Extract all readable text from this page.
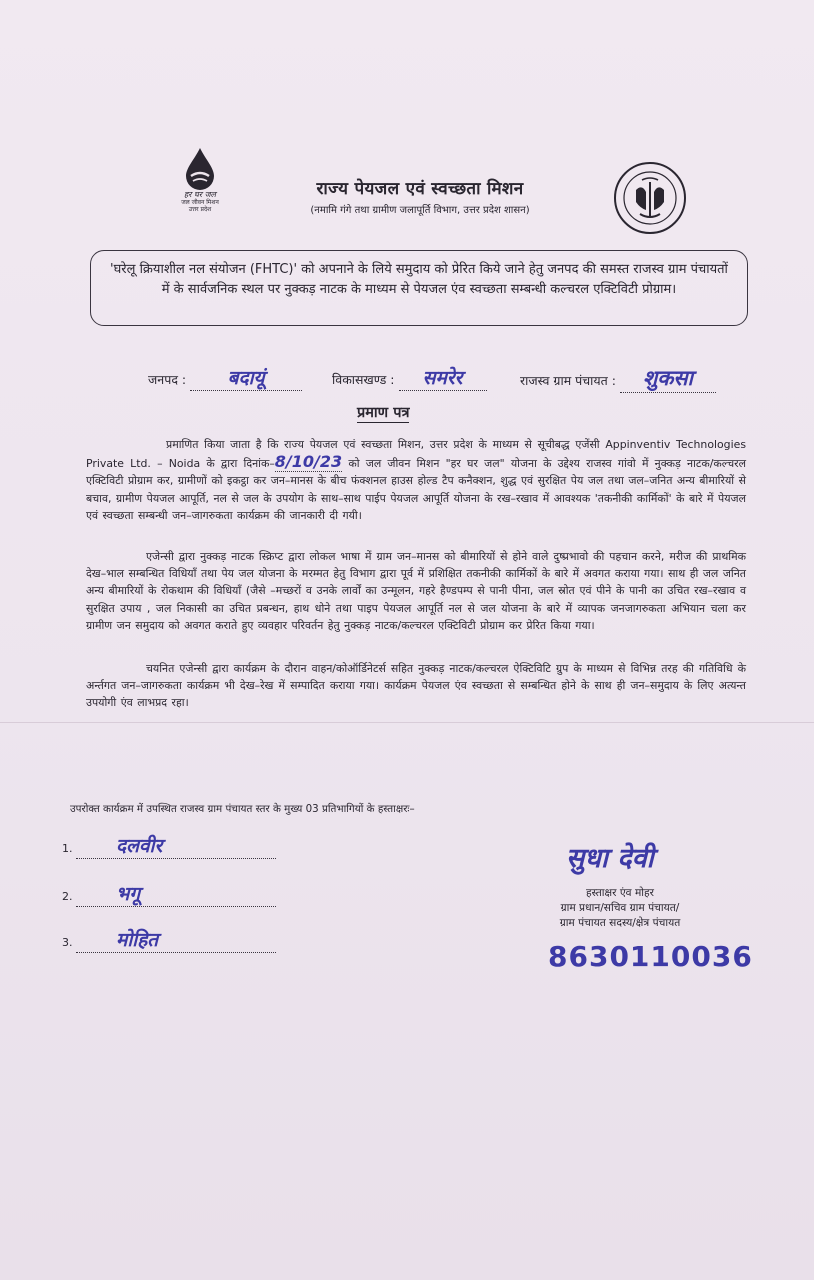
हर घर जल
जल जीवन मिशन
उत्तर प्रदेश
राज्य पेयजल एवं स्वच्छता मिशन
(नमामि गंगे तथा ग्रामीण जलापूर्ति विभाग, उत्तर प्रदेश शासन)
'घरेलू क्रियाशील नल संयोजन (FHTC)' को अपनाने के लिये समुदाय को प्रेरित किये जाने हेतु जनपद की समस्त राजस्व ग्राम पंचायतों में के सार्वजनिक स्थल पर नुक्कड़ नाटक के माध्यम से पेयजल एंव स्वच्छता सम्बन्धी कल्चरल एक्टिविटी प्रोग्राम।
जनपद : बदायूं	विकासखण्ड : समरेर	राजस्व ग्राम पंचायत : शुकसा
प्रमाण पत्र
प्रमाणित किया जाता है कि राज्य पेयजल एवं स्वच्छता मिशन, उत्तर प्रदेश के माध्यम से सूचीबद्ध एजेंसी Appinventiv Technologies Private Ltd. – Noida के द्वारा दिनांक–8/10/23 को जल जीवन मिशन "हर घर जल" योजना के उद्देश्य राजस्व गांवो में नुक्कड़ नाटक/कल्चरल एक्टिविटी प्रोग्राम कर, ग्रामीणों को इकट्ठा कर जन–मानस के बीच फंक्शनल हाउस होल्ड टैप कनैक्शन, शुद्ध एवं सुरक्षित पेय जल तथा जल–जनित अन्य बीमारियों से बचाव, ग्रामीण पेयजल आपूर्ति, नल से जल के उपयोग के साथ–साथ पाईप पेयजल आपूर्ति योजना के रख–रखाव में आवश्यक 'तकनीकी कार्मिकों' के बारे में पेयजल एवं स्वच्छता सम्बन्धी जन–जागरुकता कार्यक्रम की जानकारी दी गयी।
एजेन्सी द्वारा नुक्कड़ नाटक स्क्रिप्ट द्वारा लोकल भाषा में ग्राम जन–मानस को बीमारियों से होने वाले दुष्प्रभावो की पहचान करने, मरीज की प्राथमिक देख–भाल सम्बन्धित विधियाँ तथा पेय जल योजना के मरम्मत हेतु विभाग द्वारा पूर्व में प्रशिक्षित तकनीकी कार्मिकों के बारे में अवगत कराया गया। साथ ही जल जनित अन्य बीमारियों के रोकथाम की विधियाँ (जैसे –मच्छरों व उनके लार्वों का उन्मूलन, गहरे हैण्डपम्प से पानी पीना, जल स्रोत एवं पीने के पानी का उचित रख–रखाव व सुरक्षित उपाय , जल निकासी का उचित प्रबन्धन, हाथ धोने तथा पाइप पेयजल आपूर्ति नल से जल योजना के बारे में व्यापक जनजागरुकता अभियान चला कर ग्रामीण जन समुदाय को अवगत कराते हुए व्यवहार परिवर्तन हेतु नुक्कड़ नाटक/कल्चरल एक्टिविटी प्रोग्राम कर प्रेरित किया गया।
चयनित एजेन्सी द्वारा कार्यक्रम के दौरान वाहन/कोऑर्डिनेटर्स सहित नुक्कड़ नाटक/कल्चरल ऐक्टिविटि ग्रुप के माध्यम से विभिन्न तरह की गतिविधि के अर्न्तगत जन–जागरुकता कार्यक्रम भी देख–रेख में सम्पादित कराया गया। कार्यक्रम पेयजल एंव स्वच्छता से सम्बन्धित होने के साथ ही जन–समुदाय के लिए अत्यन्त उपयोगी एंव लाभप्रद रहा।
उपरोक्त कार्यक्रम में उपस्थित राजस्व ग्राम पंचायत स्तर के मुख्य 03 प्रतिभागियों के हस्ताक्षरः–
1. दलवीर
2. भगू
3. मोहित
सुधा देवी
हस्ताक्षर एंव मोहर
ग्राम प्रधान/सचिव ग्राम पंचायत/
ग्राम पंचायत सदस्य/क्षेत्र पंचायत
8630110036
